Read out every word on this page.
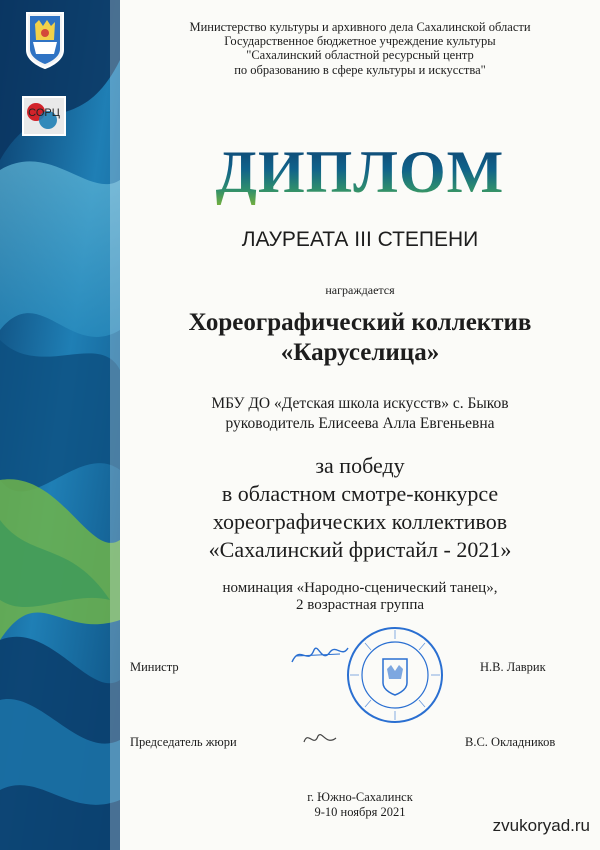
СОРЦ
Министерство культуры и архивного дела Сахалинской области
Государственное бюджетное учреждение культуры
"Сахалинский областной ресурсный центр
по образованию в сфере культуры и искусства"
ДИПЛОМ
ЛАУРЕАТА III СТЕПЕНИ
награждается
Хореографический коллектив
«Каруселица»
МБУ ДО «Детская школа искусств» с. Быков
руководитель Елисеева Алла Евгеньевна
за победу
в областном смотре-конкурсе
хореографических коллективов
«Сахалинский фристайл - 2021»
номинация «Народно-сценический танец»,
2 возрастная группа
Министр	Н.В. Лаврик
Председатель жюри	В.С. Окладников
г. Южно-Сахалинск
9-10 ноября 2021
zvukoryad.ru
